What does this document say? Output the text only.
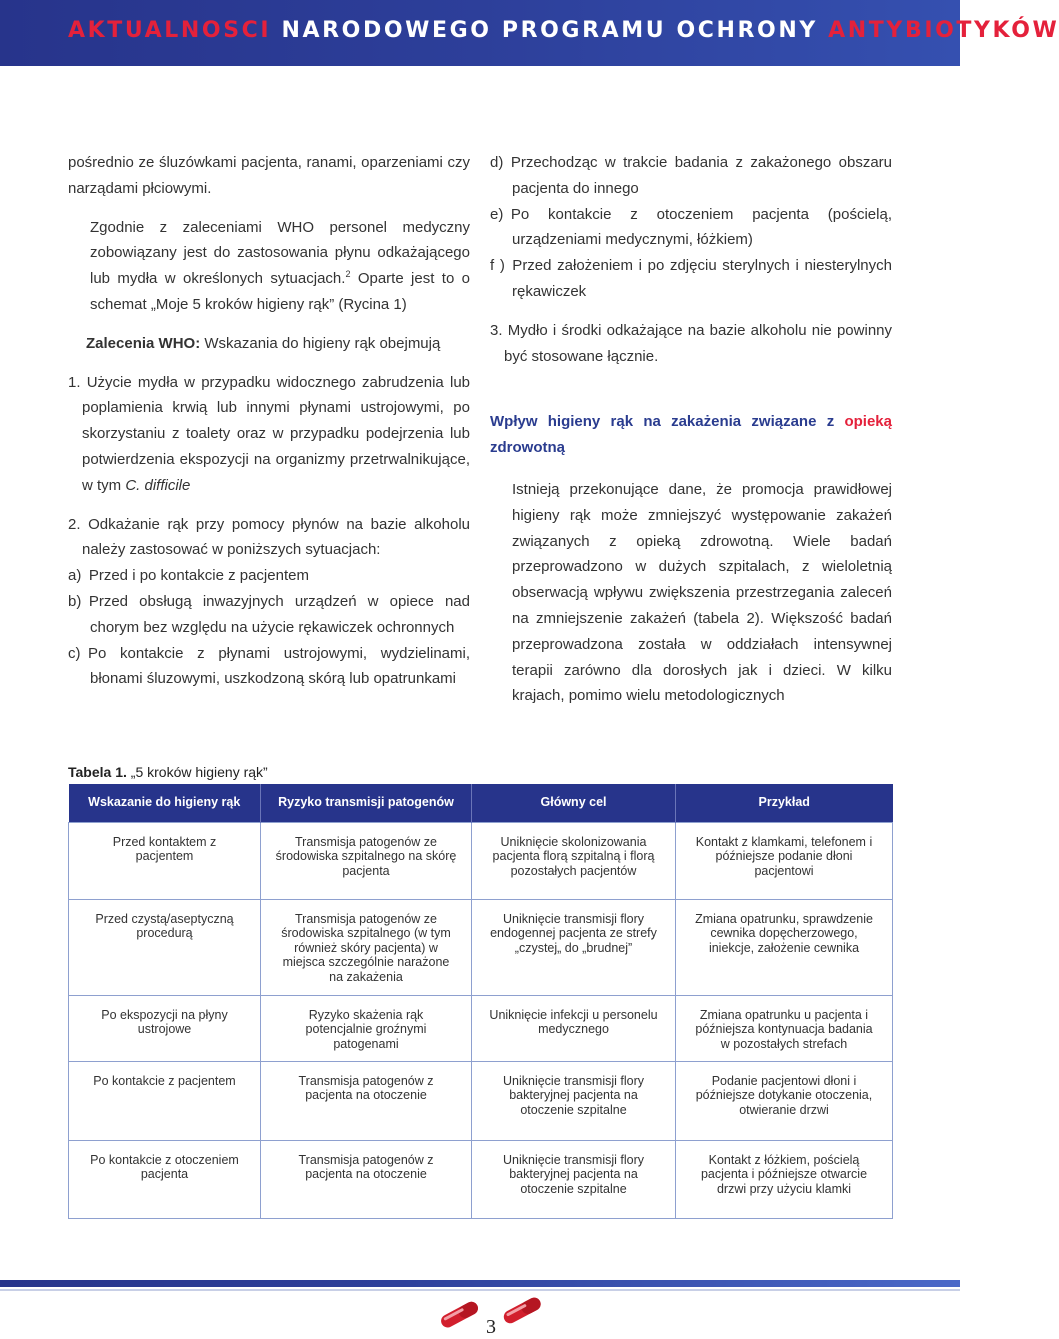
AKTUALNOSCI NARODOWEGO PROGRAMU OCHRONY ANTYBIOTYKÓW

pośrednio ze śluzówkami pacjenta, ranami, oparzeniami czy narządami płciowymi.

Zgodnie z zaleceniami WHO personel medyczny zobowiązany jest do zastosowania płynu odkażającego lub mydła w określonych sytuacjach.$^2$ Oparte jest to o schemat „Moje 5 kroków higieny rąk” (Rycina 1)

Zalecenia WHO: Wskazania do higieny rąk obejmują

1. Użycie mydła w przypadku widocznego zabrudzenia lub poplamienia krwią lub innymi płynami ustrojowymi, po skorzystaniu z toalety oraz w przypadku podejrzenia lub potwierdzenia ekspozycji na organizmy przetrwalnikujące, w tym C. difficile

2. Odkażanie rąk przy pomocy płynów na bazie alkoholu należy zastosować w poniższych sytuacjach:

a) Przed i po kontakcie z pacjentem

b) Przed obsługą inwazyjnych urządzeń w opiece nad chorym bez względu na użycie rękawiczek ochronnych

c) Po kontakcie z płynami ustrojowymi, wydzielinami, błonami śluzowymi, uszkodzoną skórą lub opatrunkami

d) Przechodząc w trakcie badania z zakażonego obszaru pacjenta do innego

e) Po kontakcie z otoczeniem pacjenta (pościelą, urządzeniami medycznymi, łóżkiem)

f ) Przed założeniem i po zdjęciu sterylnych i niesterylnych rękawiczek

3. Mydło i środki odkażające na bazie alkoholu nie powinny być stosowane łącznie.

Wpływ higieny rąk na zakażenia związane z opieką zdrowotną

Istnieją przekonujące dane, że promocja prawidłowej higieny rąk może zmniejszyć występowanie zakażeń związanych z opieką zdrowotną. Wiele badań przeprowadzono w dużych szpitalach, z wieloletnią obserwacją wpływu zwiększenia przestrzegania zaleceń na zmniejszenie zakażeń (tabela 2). Większość badań przeprowadzona została w oddziałach intensywnej terapii zarówno dla dorosłych jak i dzieci. W kilku krajach, pomimo wielu metodologicznych

Tabela 1. „5 kroków higieny rąk”
Wskazanie do higieny rąk	Ryzyko transmisji patogenów	Główny cel	Przykład
Przed kontaktem z pacjentem	Transmisja patogenów ze środowiska szpitalnego na skórę pacjenta	Uniknięcie skolonizowania pacjenta florą szpitalną i florą pozostałych pacjentów	Kontakt z klamkami, telefonem i późniejsze podanie dłoni pacjentowi
Przed czystą/aseptyczną procedurą	Transmisja patogenów ze środowiska szpitalnego (w tym również skóry pacjenta) w miejsca szczególnie narażone na zakażenia	Uniknięcie transmisji flory endogennej pacjenta ze strefy „czystej„ do „brudnej”	Zmiana opatrunku, sprawdzenie cewnika dopęcherzowego, iniekcje, założenie cewnika
Po ekspozycji na płyny ustrojowe	Ryzyko skażenia rąk potencjalnie groźnymi patogenami	Uniknięcie infekcji u personelu medycznego	Zmiana opatrunku u pacjenta i późniejsza kontynuacja badania w pozostałych strefach
Po kontakcie z pacjentem	Transmisja patogenów z pacjenta na otoczenie	Uniknięcie transmisji flory bakteryjnej pacjenta na otoczenie szpitalne	Podanie pacjentowi dłoni i późniejsze dotykanie otoczenia, otwieranie drzwi
Po kontakcie z otoczeniem pacjenta	Transmisja patogenów z pacjenta na otoczenie	Uniknięcie transmisji flory bakteryjnej pacjenta na otoczenie szpitalne	Kontakt z łóżkiem, pościelą pacjenta i późniejsze otwarcie drzwi przy użyciu klamki
3
